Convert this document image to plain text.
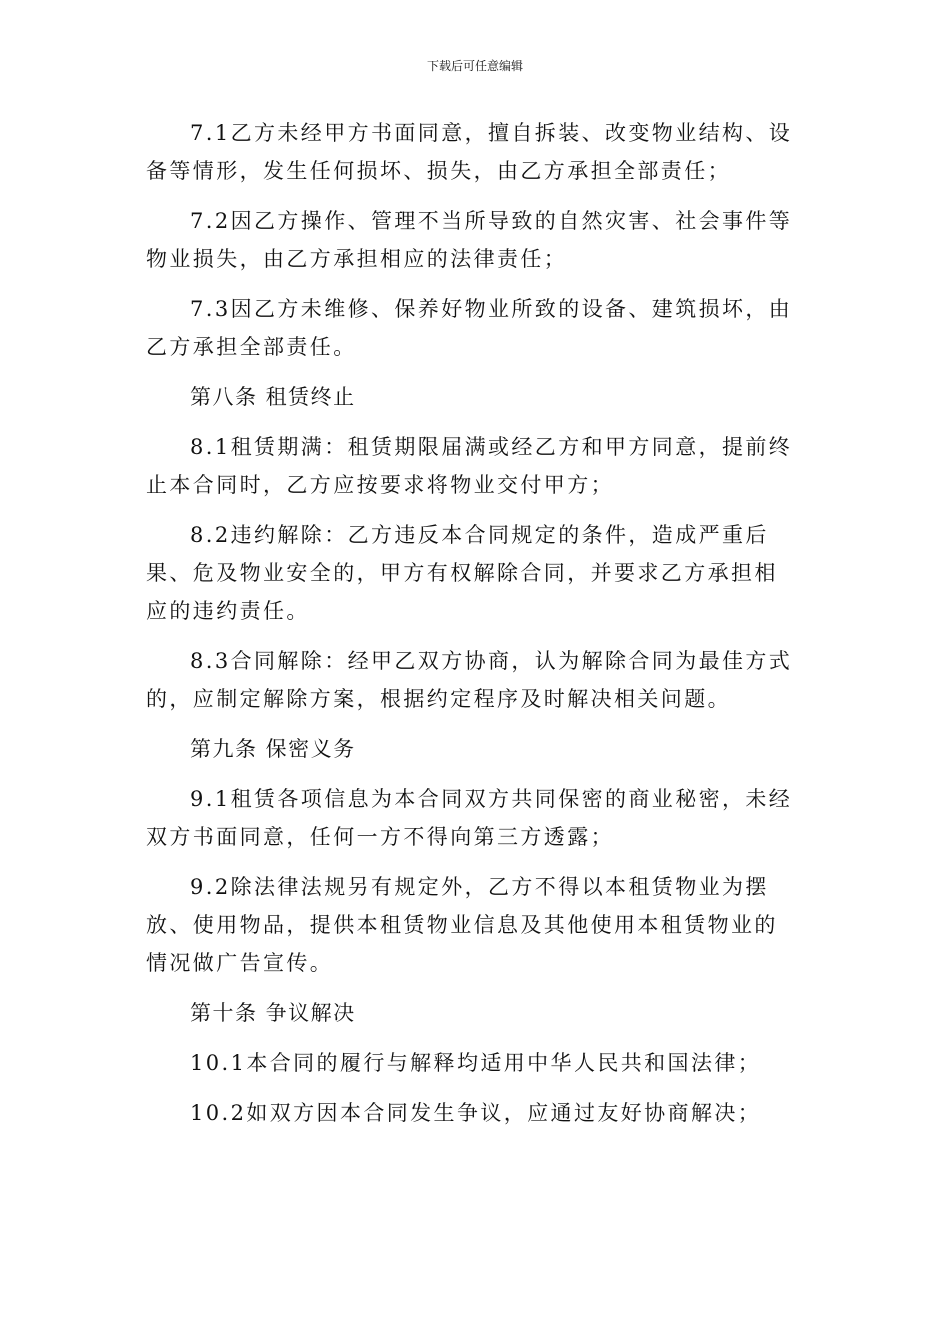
下载后可任意编辑

7.1乙方未经甲方书面同意，擅自拆装、改变物业结构、设备等情形，发生任何损坏、损失，由乙方承担全部责任；

7.2因乙方操作、管理不当所导致的自然灾害、社会事件等物业损失，由乙方承担相应的法律责任；

7.3因乙方未维修、保养好物业所致的设备、建筑损坏，由乙方承担全部责任。

第八条 租赁终止

8.1租赁期满：租赁期限届满或经乙方和甲方同意，提前终止本合同时，乙方应按要求将物业交付甲方；

8.2违约解除：乙方违反本合同规定的条件，造成严重后果、危及物业安全的，甲方有权解除合同，并要求乙方承担相应的违约责任。

8.3合同解除：经甲乙双方协商，认为解除合同为最佳方式的，应制定解除方案，根据约定程序及时解决相关问题。

第九条 保密义务

9.1租赁各项信息为本合同双方共同保密的商业秘密，未经双方书面同意，任何一方不得向第三方透露；

9.2除法律法规另有规定外，乙方不得以本租赁物业为摆放、使用物品，提供本租赁物业信息及其他使用本租赁物业的情况做广告宣传。

第十条 争议解决

10.1本合同的履行与解释均适用中华人民共和国法律；

10.2如双方因本合同发生争议，应通过友好协商解决；
